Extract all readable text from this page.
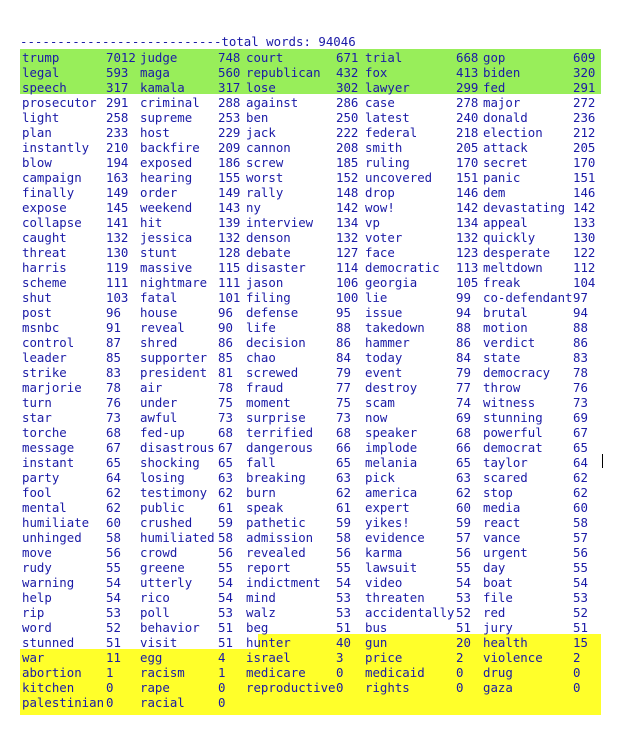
---------------------------total words: 94046
trump	7012 judge	748 court	671 trial	668 gop	609
legal	593 maga	560 republican 432 fox	413 biden	320
speech	317 kamala	317 lose	302 lawyer	299 fed	291
prosecutor 291 criminal 288 against	286 case	278 major	272
light	258 supreme 253 ben	250 latest	240 donald	236
plan	233 host	229 jack	222 federal	218 election 212
instantly 210 backfire 209 cannon	208 smith	205 attack	205
blow	194 exposed 186 screw	185 ruling	170 secret	170
campaign 163 hearing 155 worst	152 uncovered 151 panic	151
finally	149 order	149 rally	148 drop	146 dem	146
expose	145 weekend 143 ny	142 wow!	142 devastating 142
collapse 141 hit	139 interview 134 vp	134 appeal	133
caught	132 jessica 132 denson	132 voter	132 quickly	130
threat	130 stunt	128 debate	127 face	123 desperate 122
harris	119 massive 115 disaster 114 democratic 113 meltdown 112
scheme	111 nightmare 111 jason	106 georgia	105 freak	104
shut	103 fatal	101 filing	100 lie	99 co-defendant 97
post	96 house	96 defense	95 issue	94 brutal	94
msnbc	91 reveal	90 life	88 takedown	88 motion	88
control	87 shred	86 decision 86 hammer	86 verdict	86
leader	85 supporter 85 chao	84 today	84 state	83
strike	83 president 81 screwed	79 event	79 democracy 78
marjorie 78 air	78 fraud	77 destroy	77 throw	76
turn	76 under	75 moment	75 scam	74 witness	73
star	73 awful	73 surprise 73 now	69 stunning 69
torche	68 fed-up	68 terrified 68 speaker	68 powerful 67
message	67 disastrous 67 dangerous 66 implode	66 democrat 65
instant	65 shocking 65 fall	65 melania	65 taylor	64
party	64 losing	63 breaking 63 pick	63 scared	62
fool	62 testimony 62 burn	62 america	62 stop	62
mental	62 public	61 speak	61 expert	60 media	60
humiliate 60 crushed 59 pathetic 59 yikes!	59 react	58
unhinged 58 humiliated 58 admission 58 evidence	57 vance	57
move	56 crowd	56 revealed 56 karma	56 urgent	56
rudy	55 greene	55 report	55 lawsuit	55 day	55
warning	54 utterly 54 indictment 54 video	54 boat	54
help	54 rico	54 mind	53 threaten	53 file	53
rip	53 poll	53 walz	53 accidentally 52 red	52
word	52 behavior 51 beg	51 bus	51 jury	51
stunned	51 visit	51 hunter	40 gun	20 health	15
war	11 egg	4 israel	3 price	2 violence 2
abortion 1 racism	1 medicare 0 medicaid	0 drug	0
kitchen	0 rape	0 reproductive 0 rights	0 gaza	0
palestinian 0 racial	0
